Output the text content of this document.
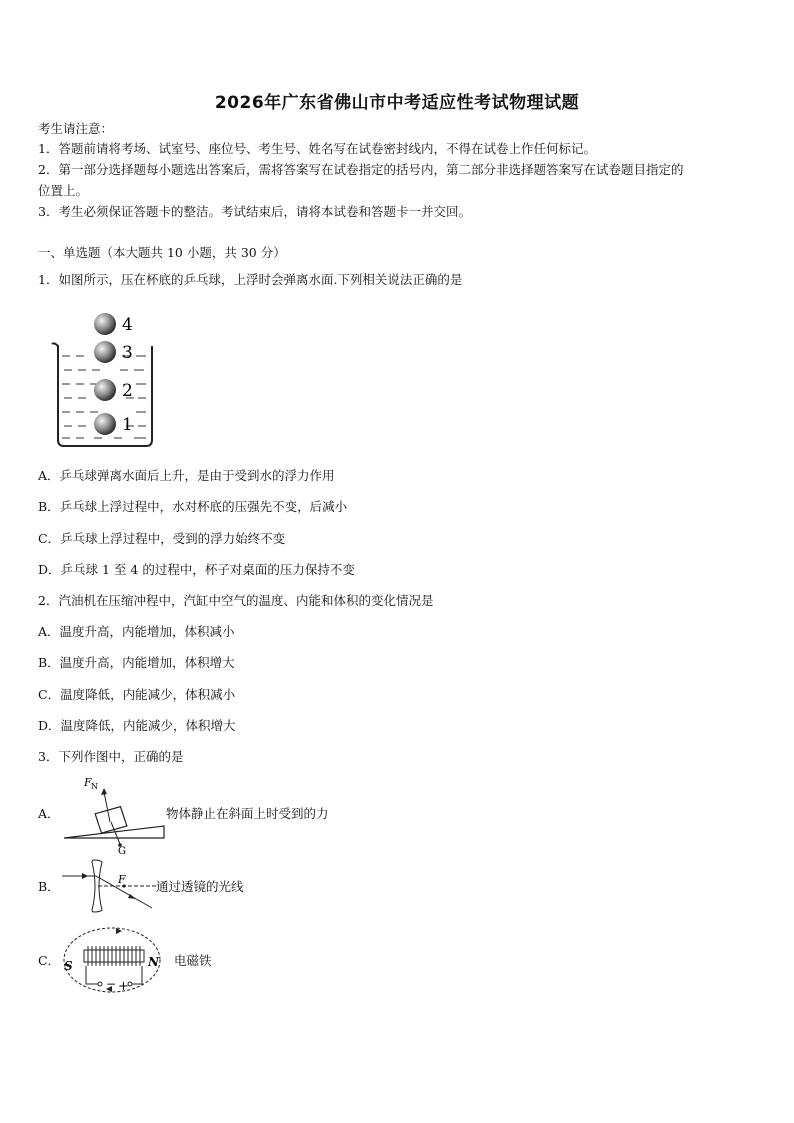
2026年广东省佛山市中考适应性考试物理试题
考生请注意：
1．答题前请将考场、试室号、座位号、考生号、姓名写在试卷密封线内，不得在试卷上作任何标记。
2．第一部分选择题每小题选出答案后，需将答案写在试卷指定的括号内，第二部分非选择题答案写在试卷题目指定的
位置上。
3．考生必须保证答题卡的整洁。考试结束后，请将本试卷和答题卡一并交回。
一、单选题（本大题共 10 小题，共 30 分）
1．如图所示，压在杯底的乒乓球，上浮时会弹离水面.下列相关说法正确的是
4
3
2
1
A．乒乓球弹离水面后上升，是由于受到水的浮力作用
B．乒乓球上浮过程中，水对杯底的压强先不变，后减小
C．乒乓球上浮过程中，受到的浮力始终不变
D．乒乓球 1 至 4 的过程中，杯子对桌面的压力保持不变
2．汽油机在压缩冲程中，汽缸中空气的温度、内能和体积的变化情况是
A．温度升高，内能增加，体积减小
B．温度升高，内能增加，体积增大
C．温度降低，内能减少，体积减小
D．温度降低，内能减少，体积增大
3．下列作图中，正确的是
A．
F N
G
物体静止在斜面上时受到的力
B．	F 通过透镜的光线
C． S	N
− +
电磁铁
